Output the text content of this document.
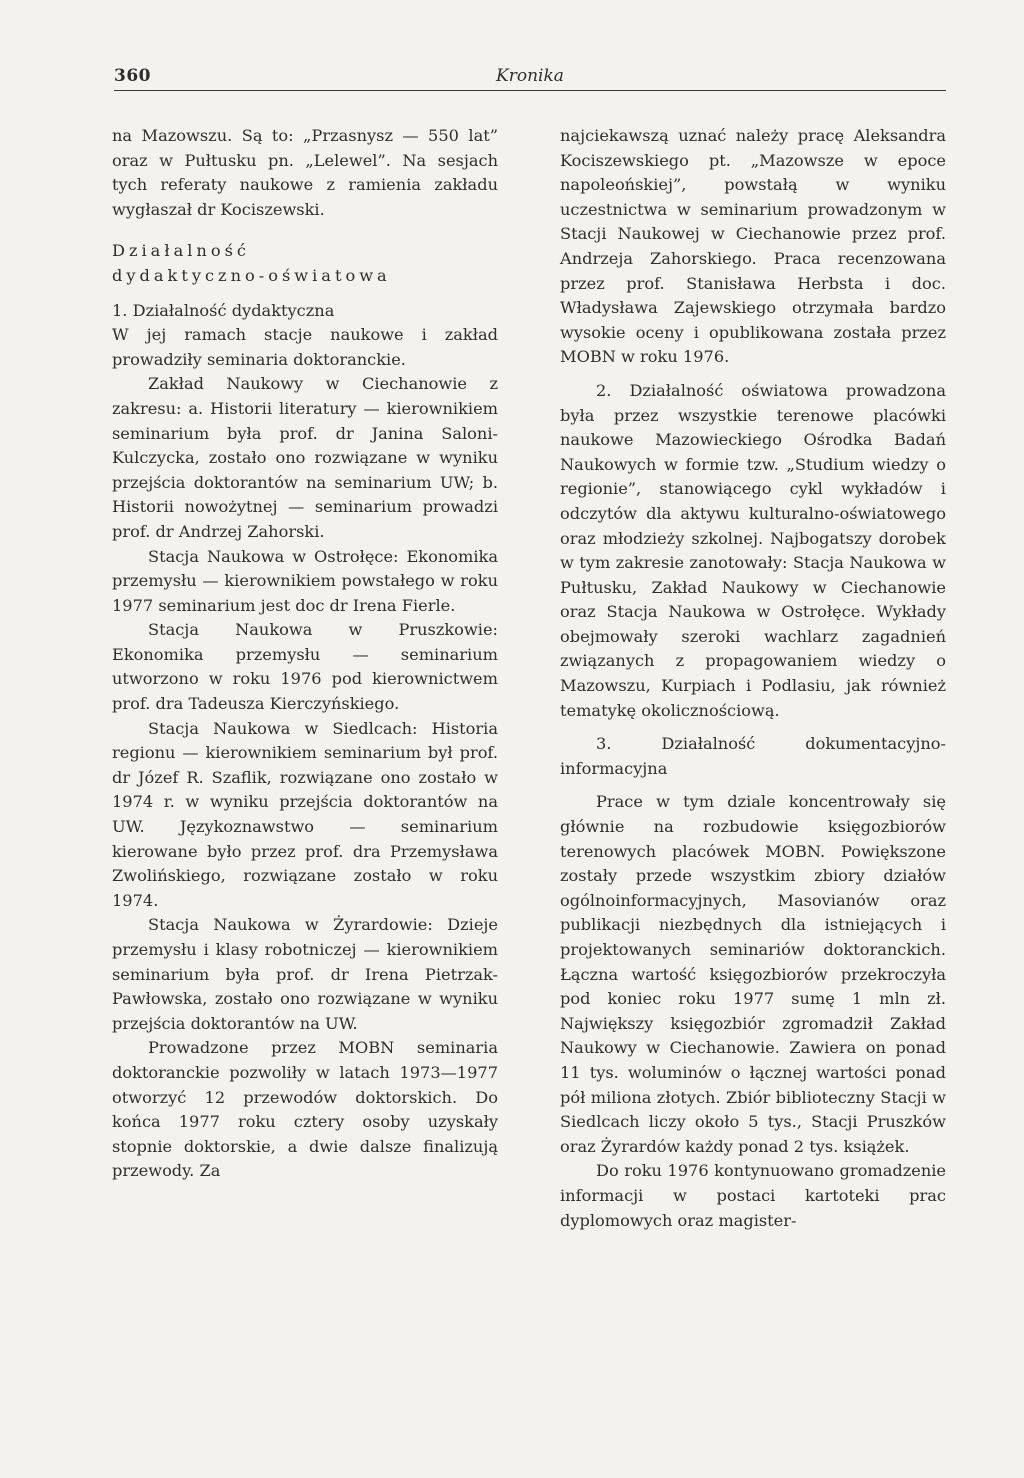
360	Kronika

na Mazowszu. Są to: „Przasnysz — 550 lat” oraz w Pułtusku pn. „Lelewel”. Na sesjach tych referaty naukowe z ramienia zakładu wygłaszał dr Kociszewski.

Działalność

dydaktyczno-oświatowa

1. Działalność dydaktyczna

W jej ramach stacje naukowe i zakład prowadziły seminaria doktoranckie.

Zakład Naukowy w Ciechanowie z zakresu: a. Historii literatury — kierownikiem seminarium była prof. dr Janina Saloni-Kulczycka, zostało ono rozwiązane w wyniku przejścia doktorantów na seminarium UW; b. Historii nowożytnej — seminarium prowadzi prof. dr Andrzej Zahorski.

Stacja Naukowa w Ostrołęce: Ekonomika przemysłu — kierownikiem powstałego w roku 1977 seminarium jest doc dr Irena Fierle.

Stacja Naukowa w Pruszkowie: Ekonomika przemysłu — seminarium utworzono w roku 1976 pod kierownictwem prof. dra Tadeusza Kierczyńskiego.

Stacja Naukowa w Siedlcach: Historia regionu — kierownikiem seminarium był prof. dr Józef R. Szaflik, rozwiązane ono zostało w 1974 r. w wyniku przejścia doktorantów na UW. Językoznawstwo — seminarium kierowane było przez prof. dra Przemysława Zwolińskiego, rozwiązane zostało w roku 1974.

Stacja Naukowa w Żyrardowie: Dzieje przemysłu i klasy robotniczej — kierownikiem seminarium była prof. dr Irena Pietrzak-Pawłowska, zostało ono rozwiązane w wyniku przejścia doktorantów na UW.

Prowadzone przez MOBN seminaria doktoranckie pozwoliły w latach 1973—1977 otworzyć 12 przewodów doktorskich. Do końca 1977 roku cztery osoby uzyskały stopnie doktorskie, a dwie dalsze finalizują przewody. Za

najciekawszą uznać należy pracę Aleksandra Kociszewskiego pt. „Mazowsze w epoce napoleońskiej”, powstałą w wyniku uczestnictwa w seminarium prowadzonym w Stacji Naukowej w Ciechanowie przez prof. Andrzeja Zahorskiego. Praca recenzowana przez prof. Stanisława Herbsta i doc. Władysława Zajewskiego otrzymała bardzo wysokie oceny i opublikowana została przez MOBN w roku 1976.

2. Działalność oświatowa prowadzona była przez wszystkie terenowe placówki naukowe Mazowieckiego Ośrodka Badań Naukowych w formie tzw. „Studium wiedzy o regionie”, stanowiącego cykl wykładów i odczytów dla aktywu kulturalno-oświatowego oraz młodzieży szkolnej. Najbogatszy dorobek w tym zakresie zanotowały: Stacja Naukowa w Pułtusku, Zakład Naukowy w Ciechanowie oraz Stacja Naukowa w Ostrołęce. Wykłady obejmowały szeroki wachlarz zagadnień związanych z propagowaniem wiedzy o Mazowszu, Kurpiach i Podlasiu, jak również tematykę okolicznościową.

3. Działalność dokumentacyjno-informacyjna

Prace w tym dziale koncentrowały się głównie na rozbudowie księgozbiorów terenowych placówek MOBN. Powiększone zostały przede wszystkim zbiory działów ogólnoinformacyjnych, Masovianów oraz publikacji niezbędnych dla istniejących i projektowanych seminariów doktoranckich. Łączna wartość księgozbiorów przekroczyła pod koniec roku 1977 sumę 1 mln zł. Największy księgozbiór zgromadził Zakład Naukowy w Ciechanowie. Zawiera on ponad 11 tys. woluminów o łącznej wartości ponad pół miliona złotych. Zbiór biblioteczny Stacji w Siedlcach liczy około 5 tys., Stacji Pruszków oraz Żyrardów każdy ponad 2 tys. książek.

Do roku 1976 kontynuowano gromadzenie informacji w postaci kartoteki prac dyplomowych oraz magister-
